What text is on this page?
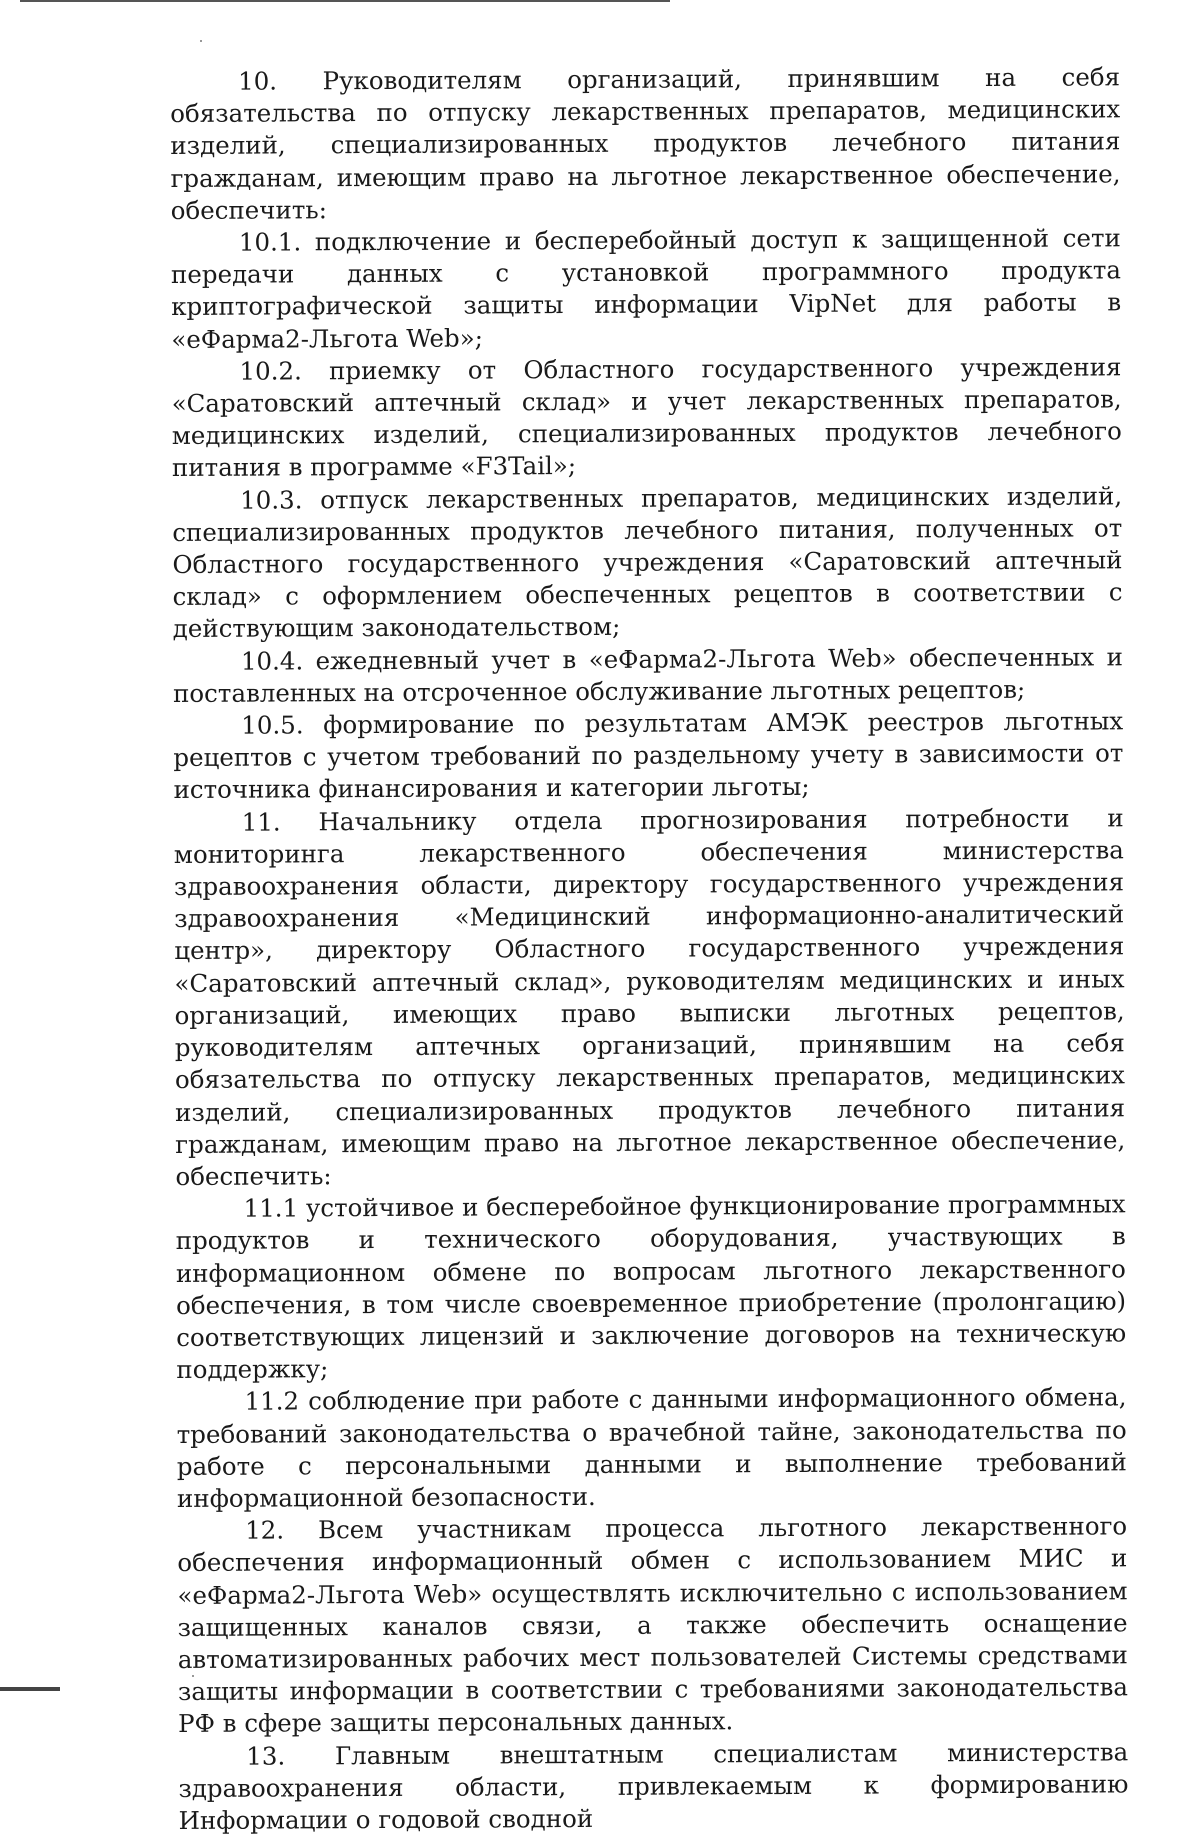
10. Руководителям организаций, принявшим на себя обязательства по отпуску лекарственных препаратов, медицинских изделий, специализированных продуктов лечебного питания гражданам, имеющим право на льготное лекарственное обеспечение, обеспечить:

10.1. подключение и бесперебойный доступ к защищенной сети передачи данных с установкой программного продукта криптографической защиты информации VipNet для работы в «еФарма2-Льгота Web»;

10.2. приемку от Областного государственного учреждения «Саратовский аптечный склад» и учет лекарственных препаратов, медицинских изделий, специализированных продуктов лечебного питания в программе «F3Tail»;

10.3. отпуск лекарственных препаратов, медицинских изделий, специализированных продуктов лечебного питания, полученных от Областного государственного учреждения «Саратовский аптечный склад» с оформлением обеспеченных рецептов в соответствии с действующим законодательством;

10.4. ежедневный учет в «еФарма2-Льгота Web» обеспеченных и поставленных на отсроченное обслуживание льготных рецептов;

10.5. формирование по результатам АМЭК реестров льготных рецептов с учетом требований по раздельному учету в зависимости от источника финансирования и категории льготы;

11. Начальнику отдела прогнозирования потребности и мониторинга лекарственного обеспечения министерства здравоохранения области, директору государственного учреждения здравоохранения «Медицинский информационно-аналитический центр», директору Областного государственного учреждения «Саратовский аптечный склад», руководителям медицинских и иных организаций, имеющих право выписки льготных рецептов, руководителям аптечных организаций, принявшим на себя обязательства по отпуску лекарственных препаратов, медицинских изделий, специализированных продуктов лечебного питания гражданам, имеющим право на льготное лекарственное обеспечение, обеспечить:

11.1 устойчивое и бесперебойное функционирование программных продуктов и технического оборудования, участвующих в информационном обмене по вопросам льготного лекарственного обеспечения, в том числе своевременное приобретение (пролонгацию) соответствующих лицензий и заключение договоров на техническую поддержку;

11.2 соблюдение при работе с данными информационного обмена, требований законодательства о врачебной тайне, законодательства по работе с персональными данными и выполнение требований информационной безопасности.

12. Всем участникам процесса льготного лекарственного обеспечения информационный обмен с использованием МИС и «еФарма2-Льгота Web» осуществлять исключительно с использованием защищенных каналов связи, а также обеспечить оснащение автоматизированных рабочих мест пользователей Системы средствами защиты информации в соответствии с требованиями законодательства РФ в сфере защиты персональных данных.

13. Главным внештатным специалистам министерства здравоохранения области, привлекаемым к формированию Информации о годовой сводной
